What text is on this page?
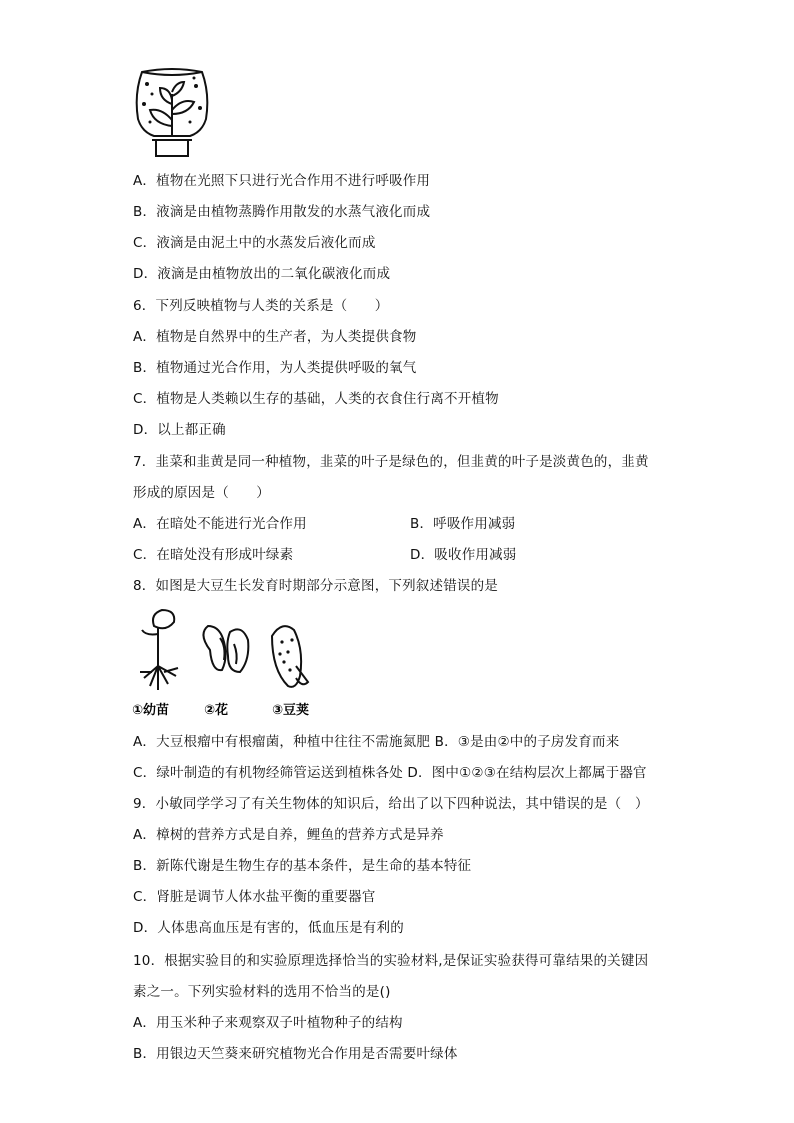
A．植物在光照下只进行光合作用不进行呼吸作用
B．液滴是由植物蒸腾作用散发的水蒸气液化而成
C．液滴是由泥土中的水蒸发后液化而成
D．液滴是由植物放出的二氧化碳液化而成
6．下列反映植物与人类的关系是（　　）
A．植物是自然界中的生产者，为人类提供食物
B．植物通过光合作用，为人类提供呼吸的氧气
C．植物是人类赖以生存的基础，人类的衣食住行离不开植物
D．以上都正确
7．韭菜和韭黄是同一种植物，韭菜的叶子是绿色的，但韭黄的叶子是淡黄色的，韭黄
形成的原因是（　　）
A．在暗处不能进行光合作用	B．呼吸作用减弱
C．在暗处没有形成叶绿素	D．吸收作用减弱
8．如图是大豆生长发育时期部分示意图，下列叙述错误的是
①幼苗	②花	③豆荚
A．大豆根瘤中有根瘤菌，种植中往往不需施氮肥 B．③是由②中的子房发育而来
C．绿叶制造的有机物经筛管运送到植株各处 D．图中①②③在结构层次上都属于器官
9．小敏同学学习了有关生物体的知识后，给出了以下四种说法，其中错误的是（　）
A．樟树的营养方式是自养，鲤鱼的营养方式是异养
B．新陈代谢是生物生存的基本条件，是生命的基本特征
C．肾脏是调节人体水盐平衡的重要器官
D．人体患高血压是有害的，低血压是有利的
10．根据实验目的和实验原理选择恰当的实验材料,是保证实验获得可靠结果的关键因
素之一。下列实验材料的选用不恰当的是()
A．用玉米种子来观察双子叶植物种子的结构
B．用银边天竺葵来研究植物光合作用是否需要叶绿体
